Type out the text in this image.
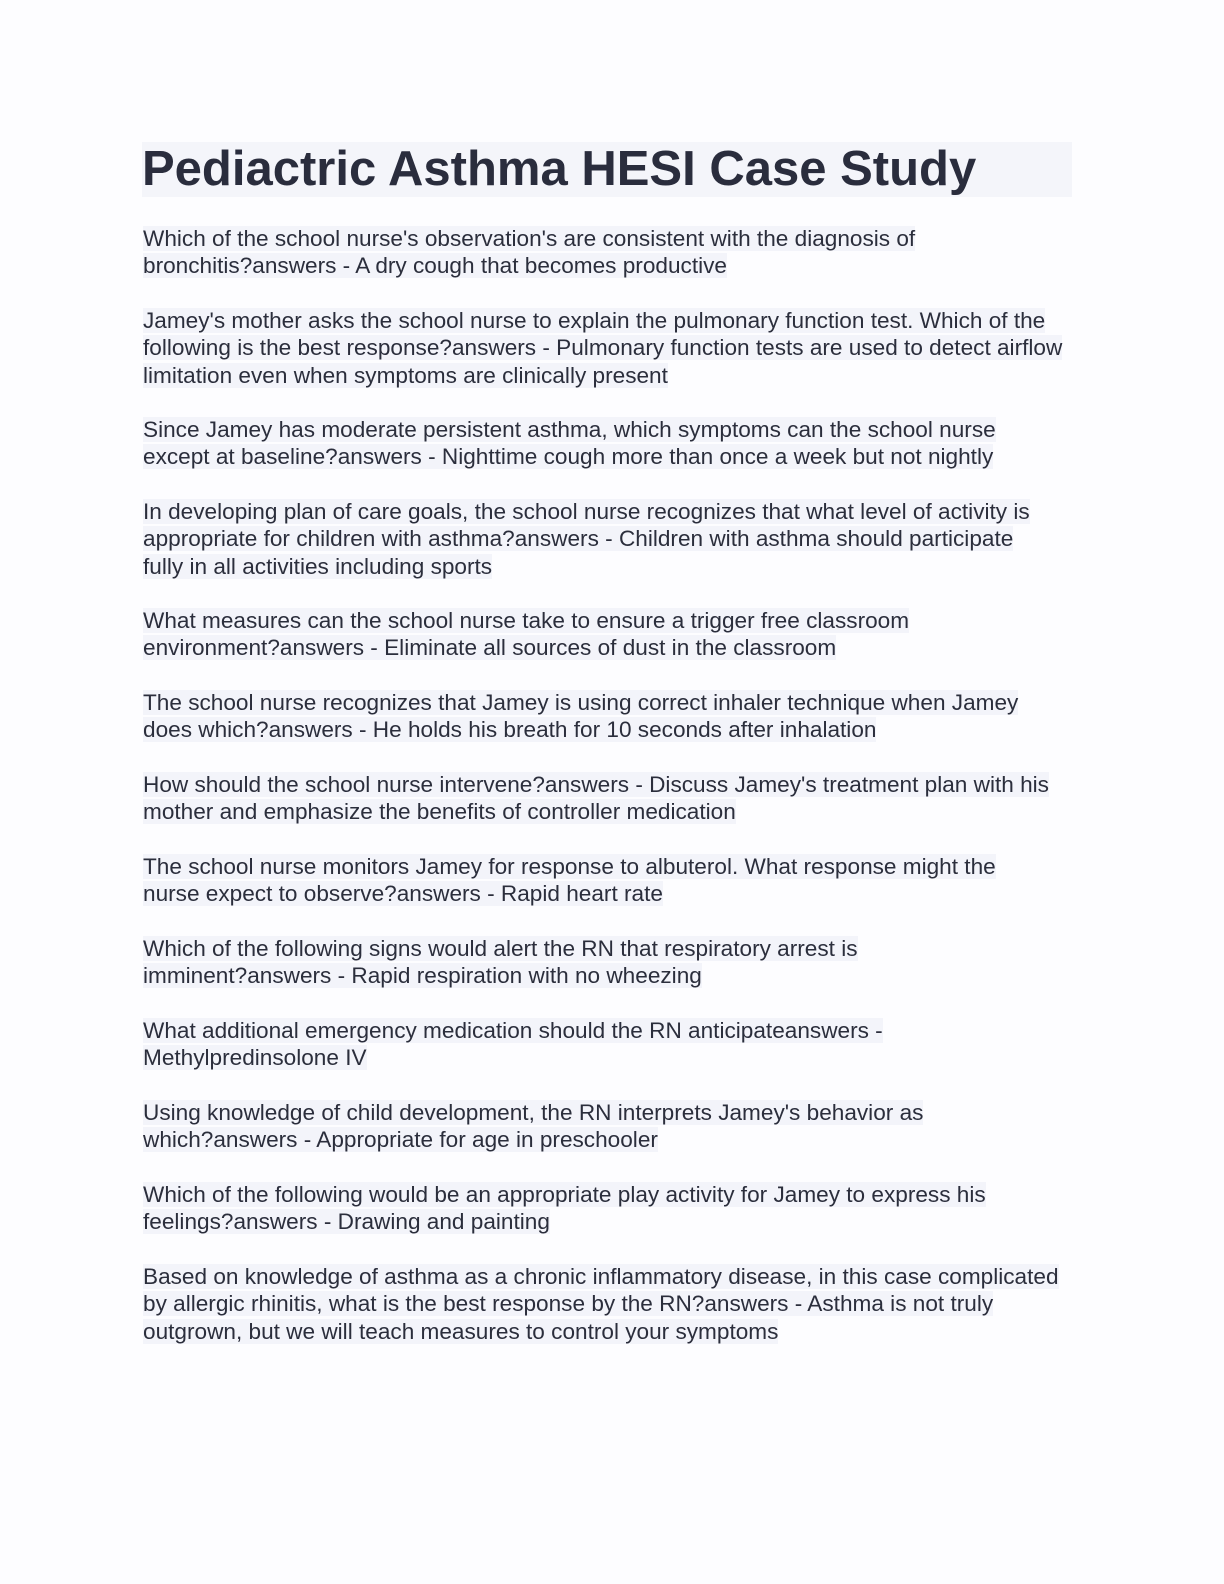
Pediactric Asthma HESI Case Study

Which of the school nurse's observation's are consistent with the diagnosis of bronchitis?answers - A dry cough that becomes productive

Jamey's mother asks the school nurse to explain the pulmonary function test. Which of the following is the best response?answers - Pulmonary function tests are used to detect airflow limitation even when symptoms are clinically present

Since Jamey has moderate persistent asthma, which symptoms can the school nurse except at baseline?answers - Nighttime cough more than once a week but not nightly

In developing plan of care goals, the school nurse recognizes that what level of activity is appropriate for children with asthma?answers - Children with asthma should participate fully in all activities including sports

What measures can the school nurse take to ensure a trigger free classroom environment?answers - Eliminate all sources of dust in the classroom

The school nurse recognizes that Jamey is using correct inhaler technique when Jamey does which?answers - He holds his breath for 10 seconds after inhalation

How should the school nurse intervene?answers - Discuss Jamey's treatment plan with his mother and emphasize the benefits of controller medication

The school nurse monitors Jamey for response to albuterol. What response might the nurse expect to observe?answers - Rapid heart rate

Which of the following signs would alert the RN that respiratory arrest is imminent?answers - Rapid respiration with no wheezing

What additional emergency medication should the RN anticipateanswers - Methylpredinsolone IV

Using knowledge of child development, the RN interprets Jamey's behavior as which?answers - Appropriate for age in preschooler

Which of the following would be an appropriate play activity for Jamey to express his feelings?answers - Drawing and painting

Based on knowledge of asthma as a chronic inflammatory disease, in this case complicated by allergic rhinitis, what is the best response by the RN?answers - Asthma is not truly outgrown, but we will teach measures to control your symptoms
